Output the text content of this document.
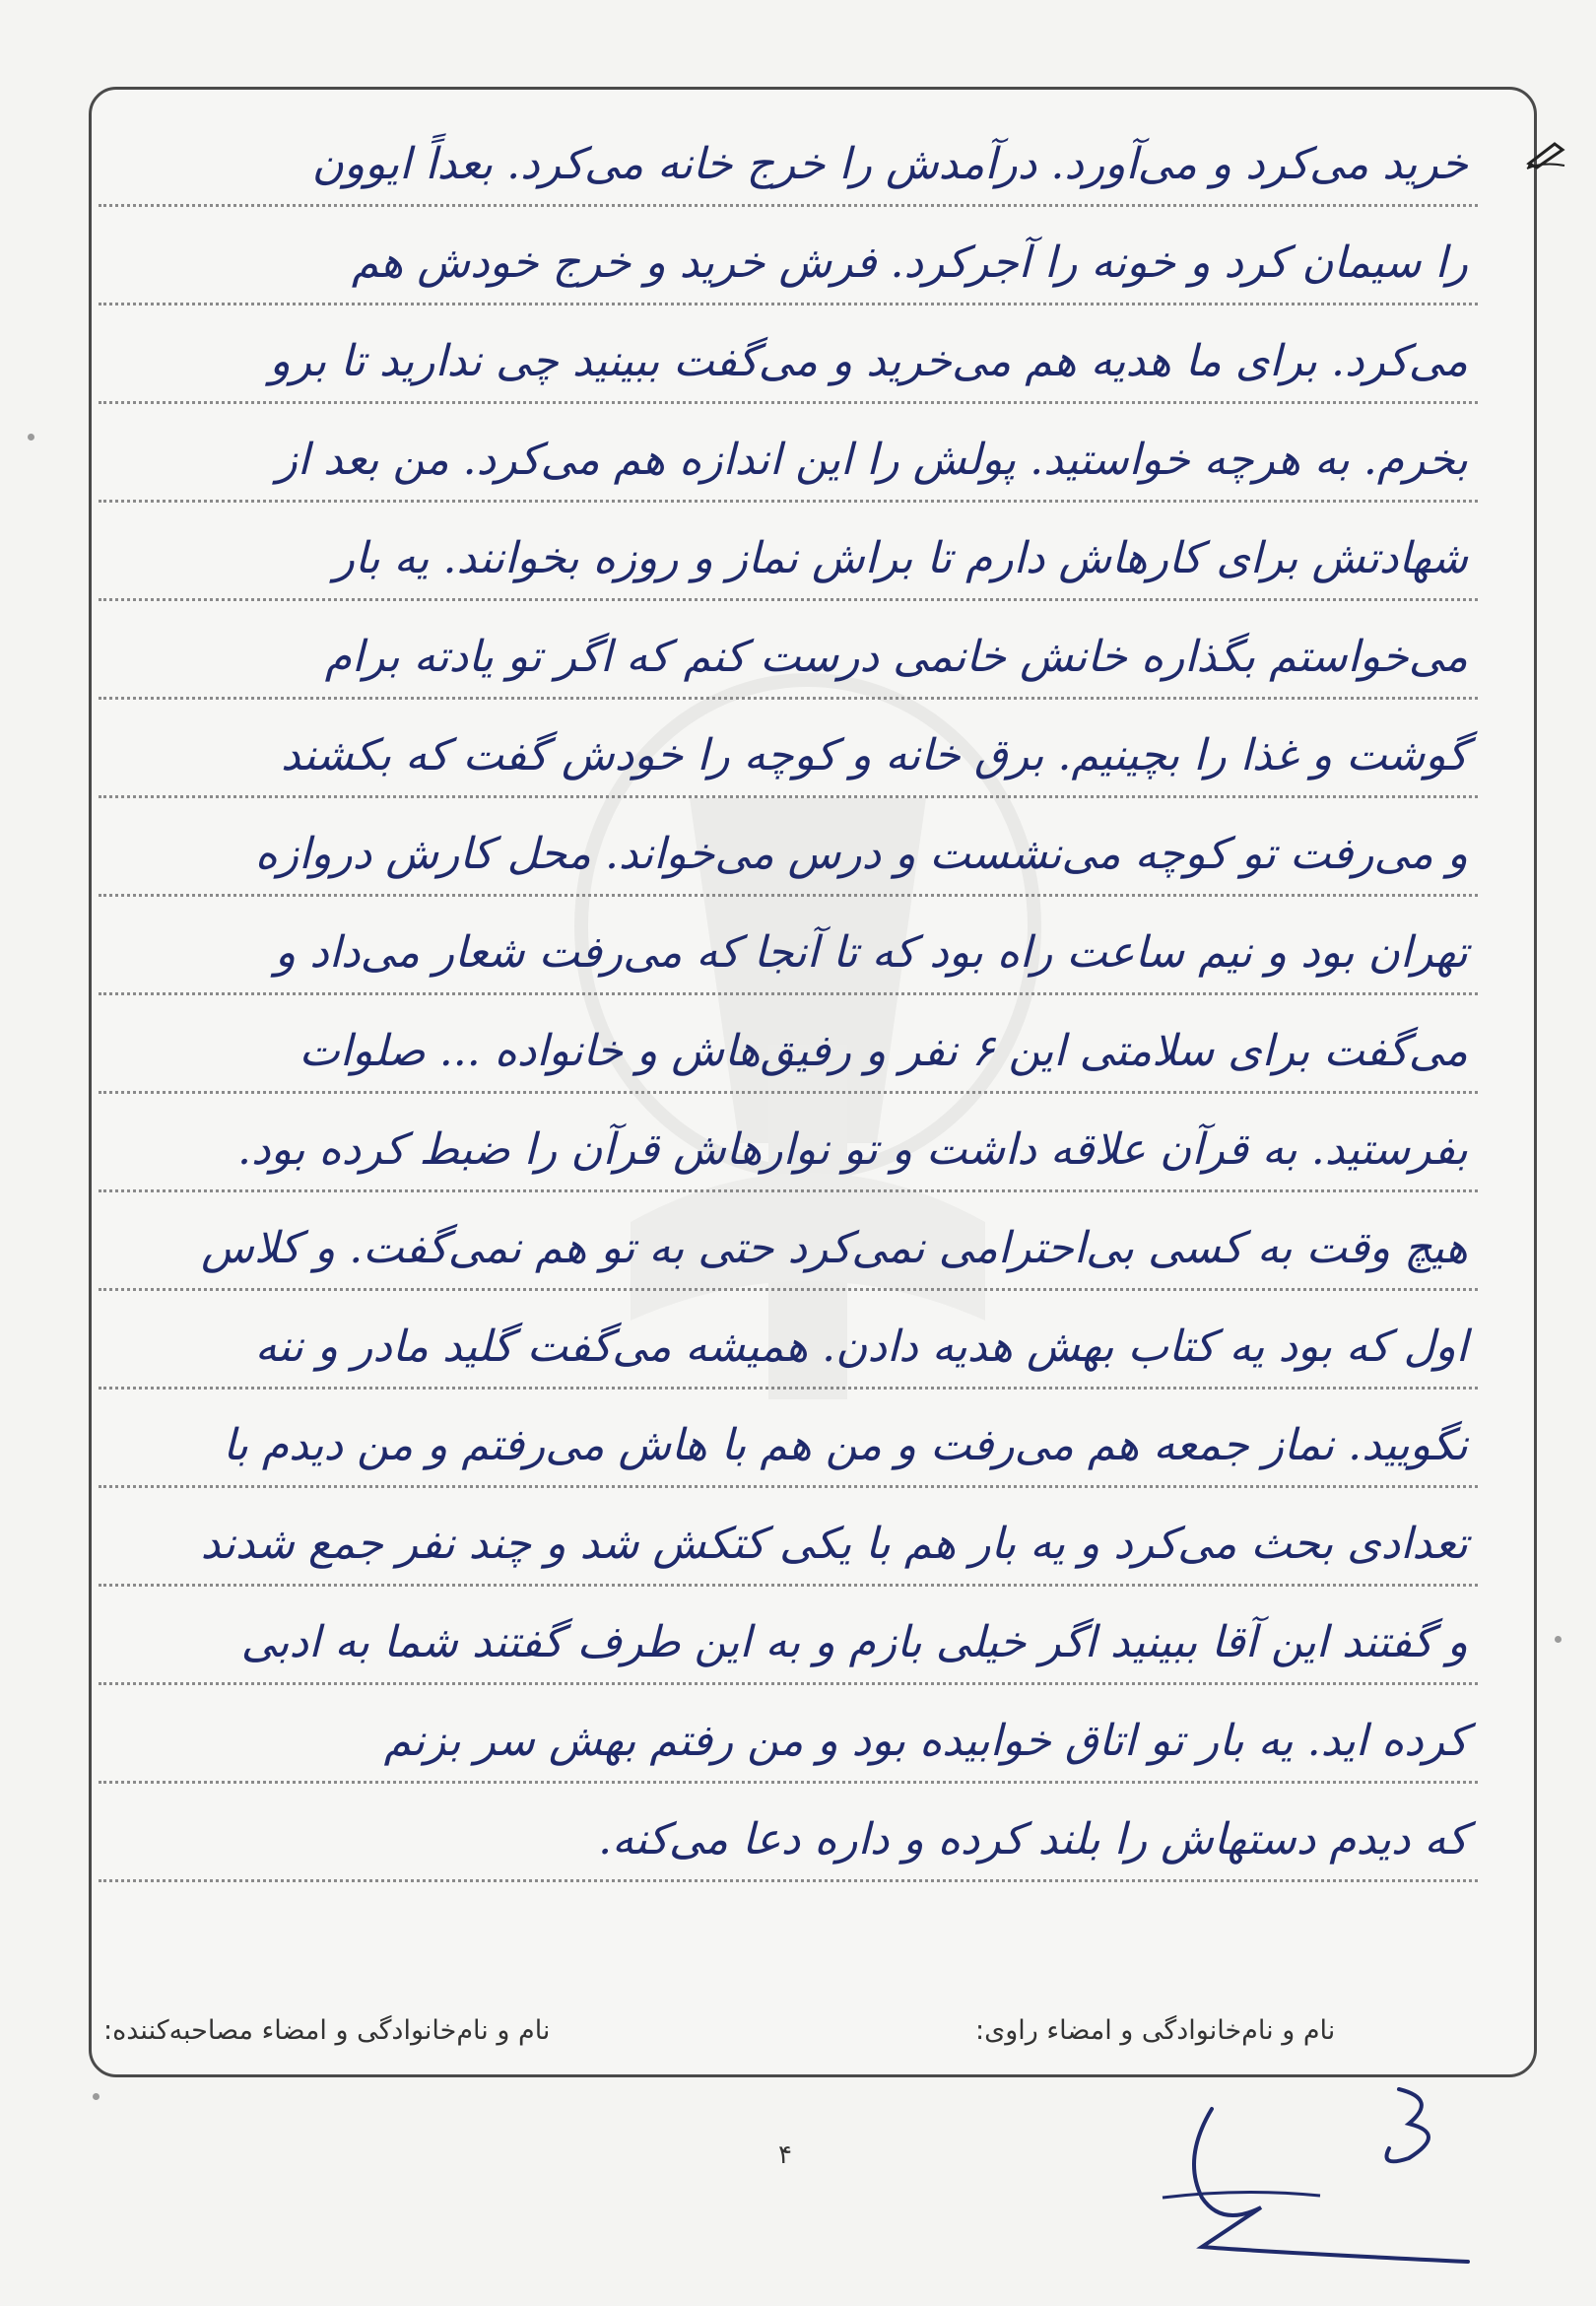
خرید می‌کرد و می‌آورد. درآمدش را خرج خانه می‌کرد. بعداً ایوون
را سیمان کرد و خونه را آجرکرد. فرش خرید و خرج خودش هم
می‌کرد. برای ما هدیه هم می‌خرید و می‌گفت ببینید چی ندارید تا برو
بخرم. به هرچه خواستید. پولش را این اندازه هم می‌کرد. من بعد از
شهادتش برای کارهاش دارم تا براش نماز و روزه بخوانند. یه بار
می‌خواستم بگذاره خانش خانمی درست کنم که اگر تو یادته برام
گوشت و غذا را بچینیم. برق خانه و کوچه را خودش گفت که بکشند
و می‌رفت تو کوچه می‌نشست و درس می‌خواند. محل کارش دروازه
تهران بود و نیم ساعت راه بود که تا آنجا که می‌رفت شعار می‌داد و
می‌گفت برای سلامتی این ۶ نفر و رفیق‌هاش و خانواده ... صلوات
بفرستید. به قرآن علاقه داشت و تو نوارهاش قرآن را ضبط کرده بود.
هیچ وقت به کسی بی‌احترامی نمی‌کرد حتی به تو هم نمی‌گفت. و کلاس
اول که بود یه کتاب بهش هدیه دادن. همیشه می‌گفت گلید مادر و ننه
نگویید. نماز جمعه هم می‌رفت و من هم با هاش می‌رفتم و من دیدم با
تعدادی بحث می‌کرد و یه بار هم با یکی کتکش شد و چند نفر جمع شدند
و گفتند این آقا ببینید اگر خیلی بازم و به این طرف گفتند شما به ادبی
کرده اید. یه بار تو اتاق خوابیده بود و من رفتم بهش سر بزنم
که دیدم دستهاش را بلند کرده و داره دعا می‌کنه.
نام و نام‌خانوادگی و امضاء راوی:
نام و نام‌خانوادگی و امضاء مصاحبه‌کننده:
۴
